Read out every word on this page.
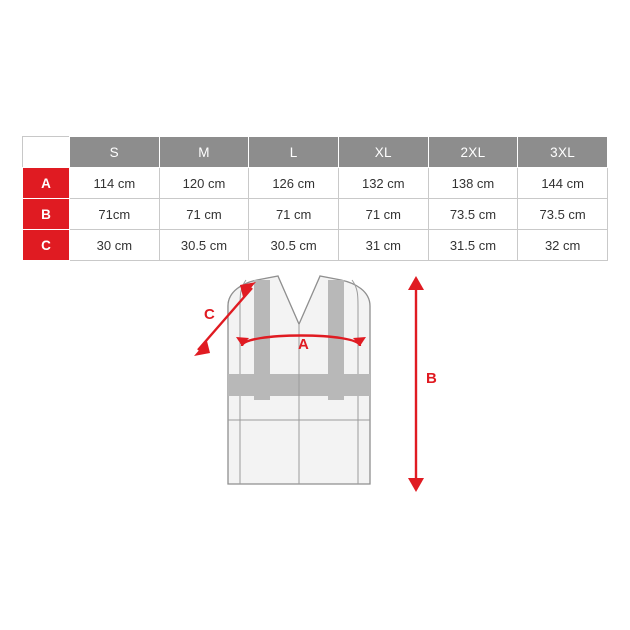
	S	M	L	XL	2XL	3XL
A	114 cm	120 cm	126 cm	132 cm	138 cm	144 cm
B	71cm	71 cm	71 cm	71 cm	73.5 cm	73.5 cm
C	30 cm	30.5 cm	30.5 cm	31 cm	31.5 cm	32 cm
A
B
C
